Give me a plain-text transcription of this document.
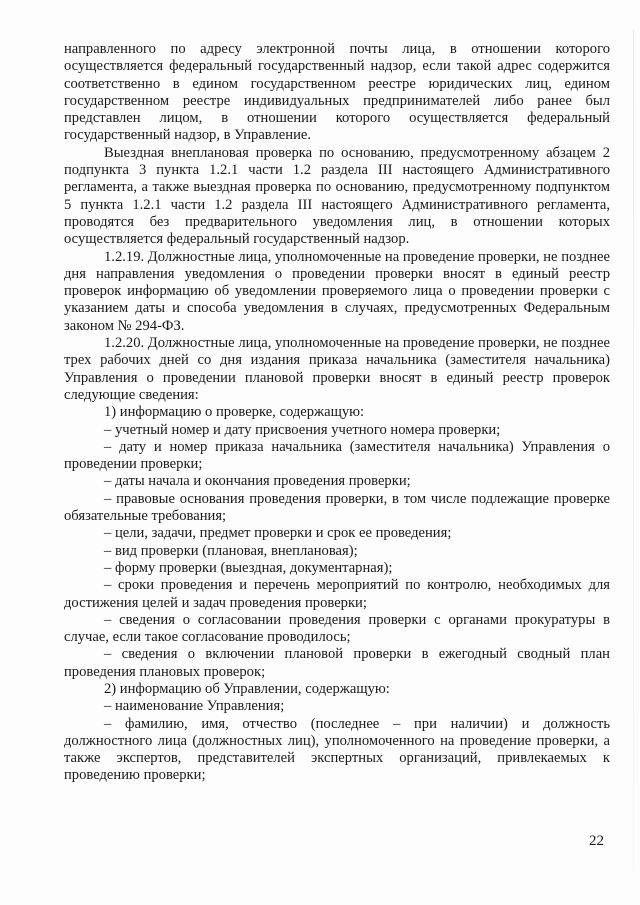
направленного по адресу электронной почты лица, в отношении которого осуществляется федеральный государственный надзор, если такой адрес содержится соответственно в едином государственном реестре юридических лиц, едином государственном реестре индивидуальных предпринимателей либо ранее был представлен лицом, в отношении которого осуществляется федеральный государственный надзор, в Управление.

Выездная внеплановая проверка по основанию, предусмотренному абзацем 2 подпункта 3 пункта 1.2.1 части 1.2 раздела III настоящего Административного регламента, а также выездная проверка по основанию, предусмотренному подпунктом 5 пункта 1.2.1 части 1.2 раздела III настоящего Административного регламента, проводятся без предварительного уведомления лиц, в отношении которых осуществляется федеральный государственный надзор.

1.2.19. Должностные лица, уполномоченные на проведение проверки, не позднее дня направления уведомления о проведении проверки вносят в единый реестр проверок информацию об уведомлении проверяемого лица о проведении проверки с указанием даты и способа уведомления в случаях, предусмотренных Федеральным законом № 294-ФЗ.

1.2.20. Должностные лица, уполномоченные на проведение проверки, не позднее трех рабочих дней со дня издания приказа начальника (заместителя начальника) Управления о проведении плановой проверки вносят в единый реестр проверок следующие сведения:

1) информацию о проверке, содержащую:

– учетный номер и дату присвоения учетного номера проверки;

– дату и номер приказа начальника (заместителя начальника) Управления о проведении проверки;

– даты начала и окончания проведения проверки;

– правовые основания проведения проверки, в том числе подлежащие проверке обязательные требования;

– цели, задачи, предмет проверки и срок ее проведения;

– вид проверки (плановая, внеплановая);

– форму проверки (выездная, документарная);

– сроки проведения и перечень мероприятий по контролю, необходимых для достижения целей и задач проведения проверки;

– сведения о согласовании проведения проверки с органами прокуратуры в случае, если такое согласование проводилось;

– сведения о включении плановой проверки в ежегодный сводный план проведения плановых проверок;

2) информацию об Управлении, содержащую:

– наименование Управления;

– фамилию, имя, отчество (последнее – при наличии) и должность должностного лица (должностных лиц), уполномоченного на проведение проверки, а также экспертов, представителей экспертных организаций, привлекаемых к проведению проверки;

22
